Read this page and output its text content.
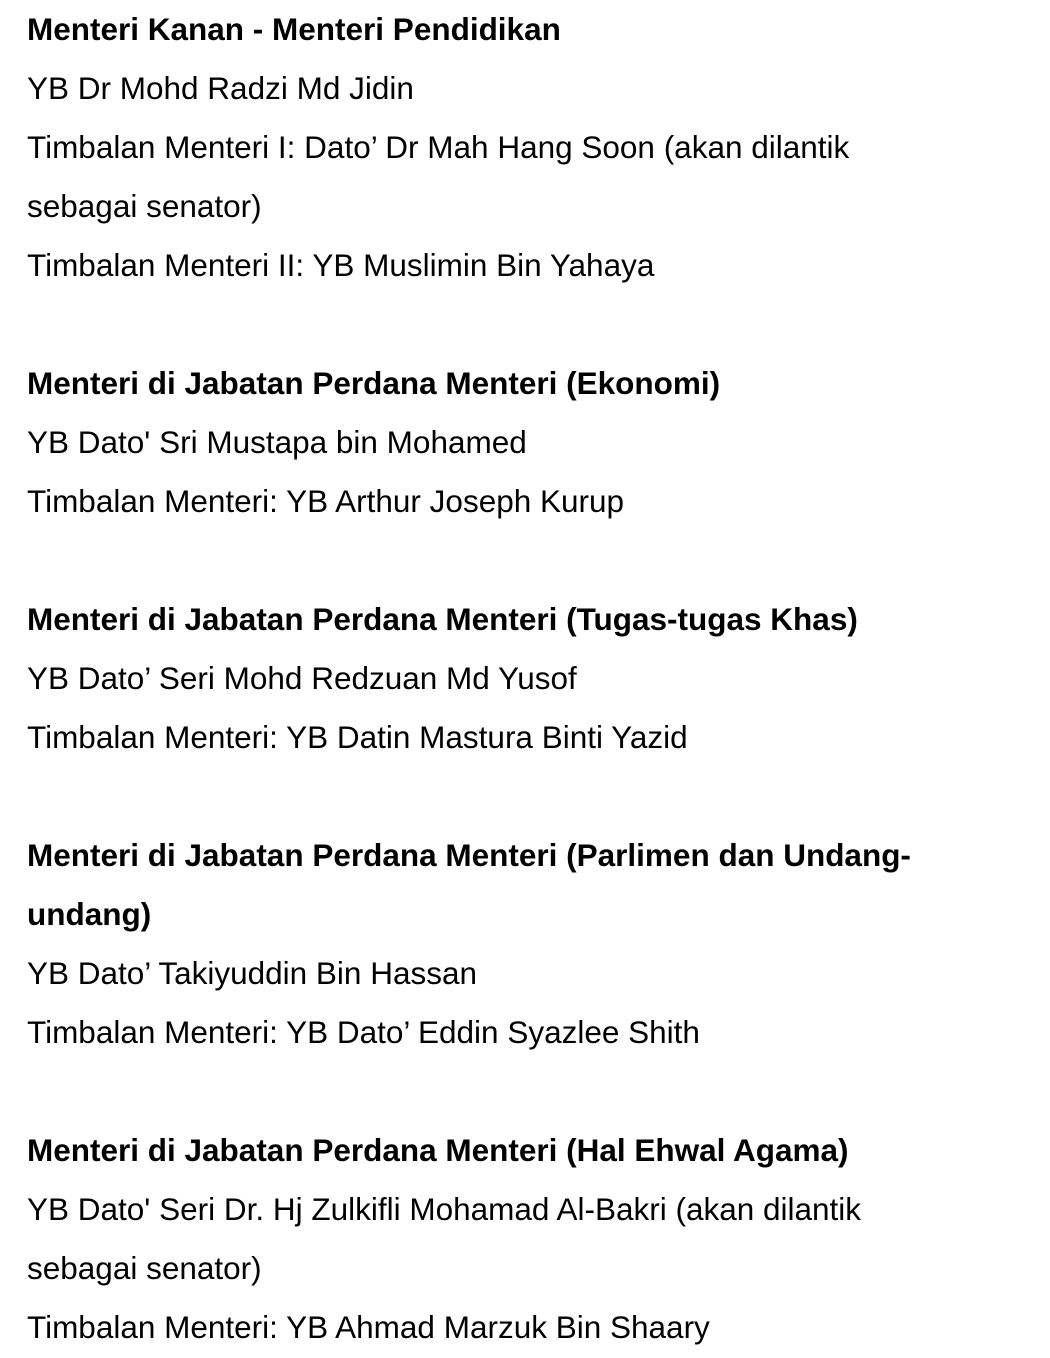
Menteri Kanan - Menteri Pendidikan

YB Dr Mohd Radzi Md Jidin

Timbalan Menteri I: Dato’ Dr Mah Hang Soon (akan dilantik

sebagai senator)

Timbalan Menteri II: YB Muslimin Bin Yahaya

Menteri di Jabatan Perdana Menteri (Ekonomi)

YB Dato' Sri Mustapa bin Mohamed

Timbalan Menteri: YB Arthur Joseph Kurup

Menteri di Jabatan Perdana Menteri (Tugas-tugas Khas)

YB Dato’ Seri Mohd Redzuan Md Yusof

Timbalan Menteri: YB Datin Mastura Binti Yazid

Menteri di Jabatan Perdana Menteri (Parlimen dan Undang-

undang)

YB Dato’ Takiyuddin Bin Hassan

Timbalan Menteri: YB Dato’ Eddin Syazlee Shith

Menteri di Jabatan Perdana Menteri (Hal Ehwal Agama)

YB Dato' Seri Dr. Hj Zulkifli Mohamad Al-Bakri (akan dilantik

sebagai senator)

Timbalan Menteri: YB Ahmad Marzuk Bin Shaary
